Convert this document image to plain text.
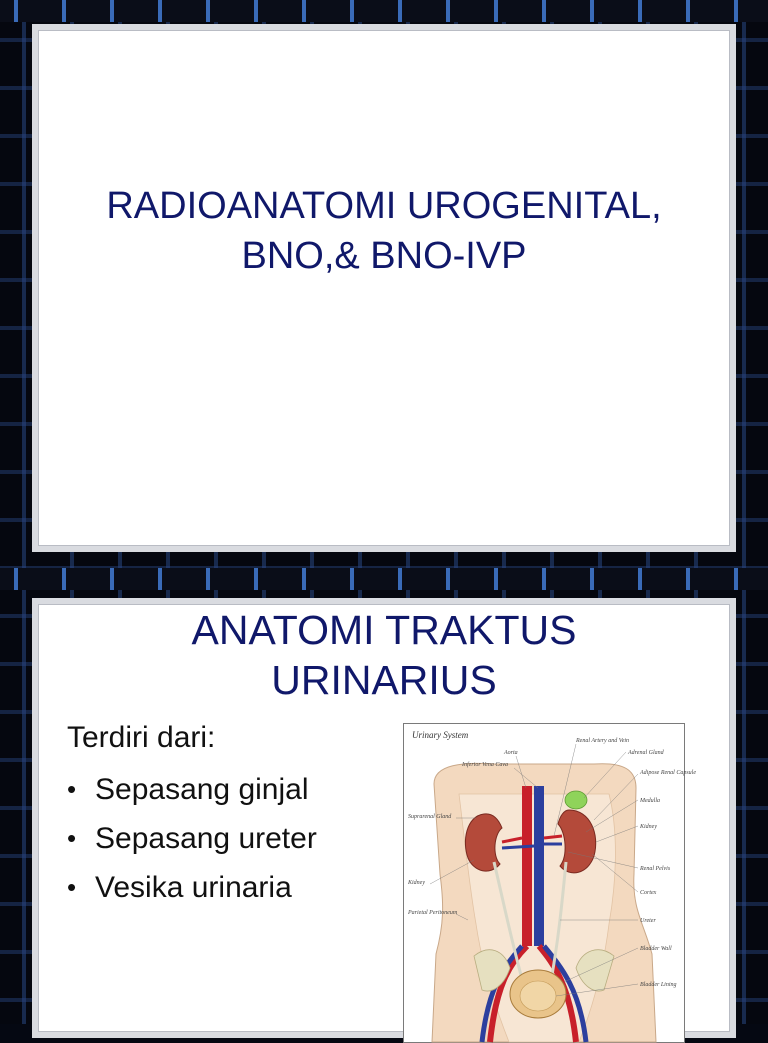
RADIOANATOMI UROGENITAL,
BNO,& BNO-IVP
ANATOMI TRAKTUS
URINARIUS
Terdiri dari:
• Sepasang ginjal
• Sepasang ureter
• Vesika urinaria
Urinary System
Aorta
Inferior Vena Cava
Suprarenal Gland
Kidney
Parietal Peritoneum
Renal Artery and Vein
Adrenal Gland
Adipose Renal Capsule
Medulla
Kidney
Renal Pelvis
Cortex
Ureter
Bladder Wall
Bladder Lining
